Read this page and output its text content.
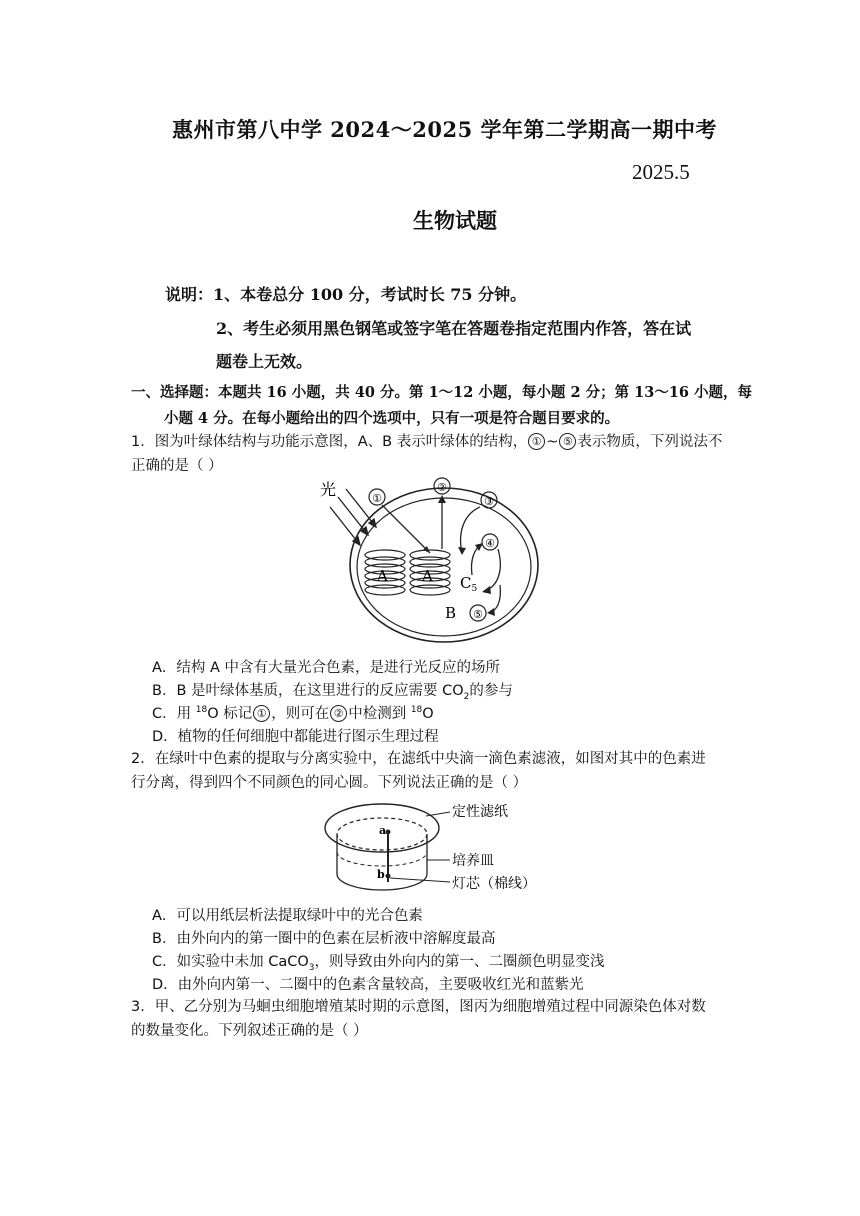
惠州市第八中学 2024～2025 学年第二学期高一期中考
2025.5
生物试题
说明：1、本卷总分 100 分，考试时长 75 分钟。
2、考生必须用黑色钢笔或签字笔在答题卷指定范围内作答，答在试
题卷上无效。
一、选择题：本题共 16 小题，共 40 分。第 1～12 小题，每小题 2 分；第 13～16 小题，每
小题 4 分。在每小题给出的四个选项中，只有一项是符合题目要求的。
1．图为叶绿体结构与功能示意图，A、B 表示叶绿体的结构， ① ~ ⑤ 表示物质，下列说法不
正确的是（ ）
光
A A
①
②
③
④
$C_5$
⑤
B
A．结构 A 中含有大量光合色素，是进行光反应的场所
B．B 是叶绿体基质，在这里进行的反应需要 $CO_2$的参与
C．用 $^{18}$O 标记 ① ，则可在 ② 中检测到 $^{18}$O
D．植物的任何细胞中都能进行图示生理过程
2．在绿叶中色素的提取与分离实验中，在滤纸中央滴一滴色素滤液，如图对其中的色素进
行分离，得到四个不同颜色的同心圆。下列说法正确的是（ ）
a
b
定性滤纸
培养皿
灯芯（棉线）
A．可以用纸层析法提取绿叶中的光合色素
B．由外向内的第一圈中的色素在层析液中溶解度最高
C．如实验中未加 CaCO$_3$，则导致由外向内的第一、二圈颜色明显变浅
D．由外向内第一、二圈中的色素含量较高，主要吸收红光和蓝紫光
3．甲、乙分别为马蛔虫细胞增殖某时期的示意图，图丙为细胞增殖过程中同源染色体对数
的数量变化。下列叙述正确的是（ ）
